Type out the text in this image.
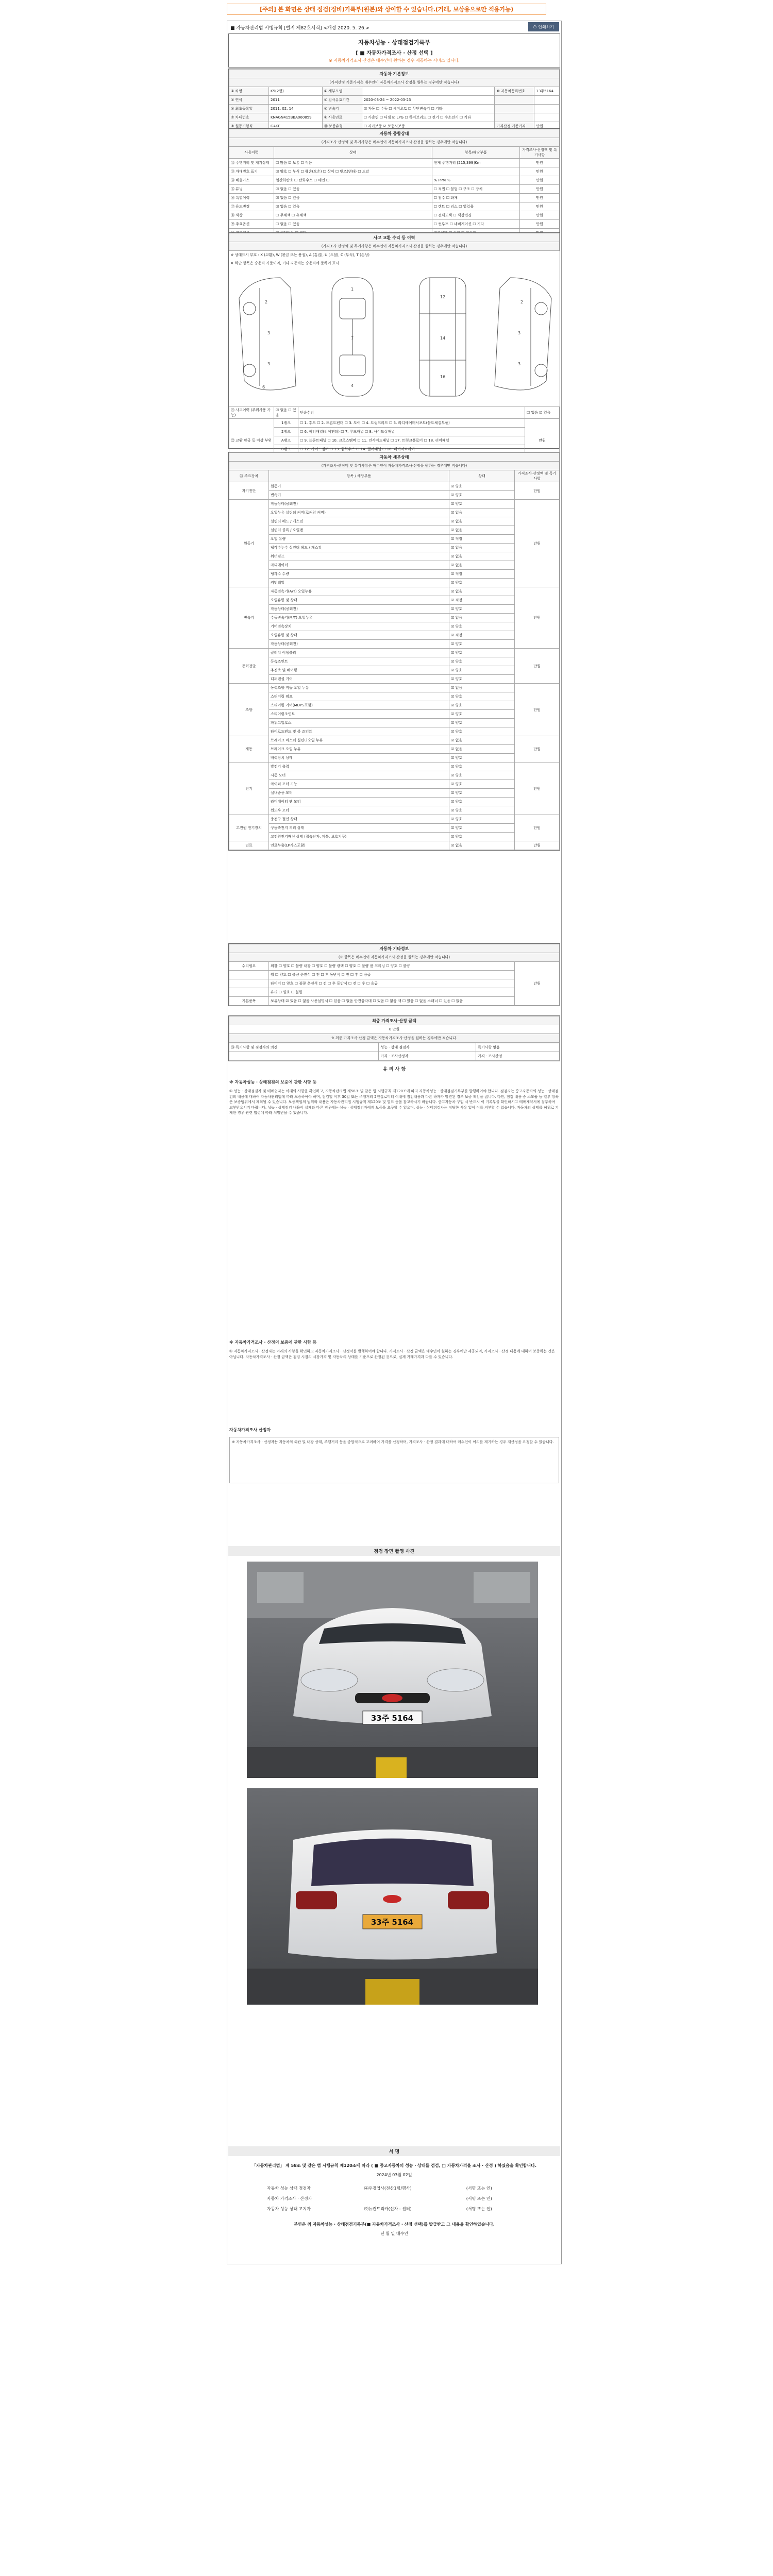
[주의] 본 화면은 상태 점검(정비)기록부(원본)와 상이할 수 있습니다.(거래, 보상용으로만 적용가능)
■ 자동차관리법 시행규칙 [별지 제82호서식] <개정 2020. 5. 26.>	⎙ 인쇄하기
자동차성능 · 상태점검기록부
[ ■ 자동차가격조사 · 산정 선택 ]
※ 자동차가격조사·산정은 매수인이 원하는 경우 제공하는 서비스 입니다.
자동차 기본정보					
(가격산정 기준가격은 매수인이 자동차가격조사 산정을 원하는 경우에만 적습니다)					
① 차명	K5(2형)	② 세부모델		⑩ 자동차등록번호	13주5164
② 연식	2011	④ 검사유효기간	2020-03-24 ~ 2022-03-23		
⑤ 최초등록일	2011. 02. 14	⑥ 변속기	☑ 자동 ☐ 수동 ☐ 세미오토 ☐ 무단변속기 ☐ 기타		
⑦ 차대번호	KNAGN415BBA060859	⑧ 사용연료	☐ 가솔린 ☐ 디젤 ☑ LPG ☐ 하이브리드 ☐ 전기 ☐ 수소전기 ☐ 기타		
⑨ 원동기형식	G4KE	⑪ 보증유형	☐ 자가보증 ☑ 보험사보증	가격산정 기준가격	만원
자동차 종합상태			
(가격조사·산정액 및 특기사항은 매수인이 자동차가격조사·산정을 원하는 경우에만 적습니다)			
사용이력	상태	항목/해당부품	가격조사·산정액 및 특기사항
⑫ 주행거리 및 계기상태	☐ 많음 ☑ 보통 ☐ 적음	현재 주행거리 [215,399]Km	만원
⑬ 차대번호 표기	☑ 양호 ☐ 부식 ☐ 훼손(오손) ☐ 상이 ☐ 변조(변타) ☐ 도말		만원
⑭ 배출가스	일산화탄소 ☐ 탄화수소 ☐ 매연 ☐	% PPM %	만원
⑮ 튜닝	☑ 없음 ☐ 있음	☐ 적법 ☐ 불법 ☐ 구조 ☐ 장치	만원
⑯ 특별이력	☑ 없음 ☐ 있음	☐ 침수 ☐ 화재	만원
⑰ 용도변경	☑ 없음 ☐ 있음	☐ 렌트 ☐ 리스 ☐ 영업용	만원
⑱ 색상	☐ 무채색 ☐ 유채색	☐ 전체도색 ☐ 색상변경	만원
⑲ 주요옵션	☐ 없음 ☐ 있음	☐ 썬루프 ☐ 네비게이션 ☐ 기타	만원

사고 교환 수리 등 이력
(가격조사·산정액 및 특기사항은 매수인이 자동차가격조사·산정을 원하는 경우에만 적습니다)
※ 상태표시 부호 : X (교환), W (판금 또는 용접), A (흠집), U (요철), C (부식), T (손상)
※ 하단 항목은 승용차 기준이며, 기타 자동차는 승용차에 준하여 표시
2
3
3
6
1
7
4
12
14
16
2
3
3
㉑ 사고이력 (주위사용 가능)	☑ 없음 ☐ 있음	단순수리	☐ 없음 ☑ 있음
㉒ 교환 판금 등 이상 부위	1랭크	☐ 1. 후드 ☐ 2. 프론트펜더 ☐ 3. 도어 ☐ 4. 트렁크리드 ☐ 5. 라디에이터서포트(볼트체결부품)	만원
	2랭크	☐ 6. 쿼터패널(리어펜더) ☐ 7. 루프패널 ☐ 8. 사이드실패널	
	A랭크	☐ 9. 프론트패널 ☐ 10. 크로스멤버 ☐ 11. 인사이드패널 ☐ 17. 트렁크플로어 ☐ 18. 리어패널	
	B랭크	☐ 12. 사이드멤버 ☐ 13. 휠하우스 ☐ 14. 필러패널 ☐ 16. 패키지트레이	

자동차 세부상태			
(가격조사·산정액 및 특기사항은 매수인이 자동차가격조사·산정을 원하는 경우에만 적습니다)			
㉓ 주요장치	항목 / 해당부품	상태	가격조사·산정액 및 특기사항
자기진단	원동기	☑ 양호	만원
	변속기	☑ 양호	
원동기	작동상태(공회전)	☑ 양호	만원
	오일누유 실린더 커버(로커암 커버)	☑ 없음	
	실린더 헤드 / 개스킷	☑ 없음	
	실린더 블록 / 오일팬	☑ 없음	
	오일 유량	☑ 적정	
	냉각수누수 실린더 헤드 / 개스킷	☑ 없음	
	워터펌프	☑ 없음	
	라디에이터	☑ 없음	
	냉각수 수량	☑ 적정	
	커먼레일	☑ 양호	
변속기	자동변속기(A/T) 오일누유	☑ 없음	만원
	오일유량 및 상태	☑ 적정	
	작동상태(공회전)	☑ 양호	
	수동변속기(M/T) 오일누유	☑ 없음	
	기어변속장치	☑ 양호	
	오일유량 및 상태	☑ 적정	
	작동상태(공회전)	☑ 양호	
동력전달	클러치 어셈블리	☑ 양호	만원
	등속조인트	☑ 양호	
	추진축 및 베어링	☑ 양호	
	디퍼렌셜 기어	☑ 양호	
조향	동력조향 작동 오일 누유	☑ 없음	만원
	스티어링 펌프	☑ 양호	
	스티어링 기어(MDPS포함)	☑ 양호	
	스티어링조인트	☑ 양호	
	파워고압호스	☑ 양호	
	타이로드엔드 및 볼 조인트	☑ 양호	
제동	브레이크 마스터 실린더오일 누유	☑ 없음	만원
	브레이크 오일 누유	☑ 없음	
	배력장치 상태	☑ 양호	
전기	발전기 출력	☑ 양호	만원
	시동 모터	☑ 양호	
	와이퍼 모터 기능	☑ 양호	
	실내송풍 모터	☑ 양호	
	라디에이터 팬 모터	☑ 양호	
	윈도우 모터	☑ 양호	
고전원 전기장치	충전구 절연 상태	☑ 양호	만원
	구동축전지 격리 상태	☑ 양호	
	고전원전기배선 상태 (접속단자, 피복, 보호기구)	☑ 양호	
연료	연료누출(LP가스포함)	☑ 없음	만원
자동차 기타정보		
(※ 항목은 매수인이 자동차가격조사·산정을 원하는 경우에만 적습니다)		
수리필요	외장 ☐ 양호 ☐ 불량 내장 ☐ 양호 ☐ 불량 광택 ☐ 양호 ☐ 불량 룸 크리닝 ☐ 양호 ☐ 불량	만원
	휠 ☐ 양호 ☐ 불량 운전석 ☐ 전 ☐ 후 동반석 ☐ 전 ☐ 후 ☐ 응급	
	타이어 ☐ 양호 ☐ 불량 운전석 ☐ 전 ☐ 후 동반석 ☐ 전 ☐ 후 ☐ 응급	
	유리 ☐ 양호 ☐ 불량	
기본품목	보유상태 ☑ 있음 ☐ 없음 사용설명서 ☐ 있음 ☐ 없음 안전삼각대 ☐ 있음 ☐ 없음 잭 ☐ 있음 ☐ 없음 스패너 ☐ 있음 ☐ 없음	
최종 가격조사·산정 금액
0 만원
※ 최종 가격조사·산정 금액은 자동차가격조사·산정을 원하는 경우에만 적습니다.
㉔ 특기사항 및 점검자의 의견	성능 · 상태 점검자	특기사항 없음
	가격 · 조사산정자	가격 · 조사산정
유 의 사 항
※ 자동차성능 · 상태점검의 보증에 관한 사항 등
① 성능 · 상태점검자 및 매매업자는 아래의 사항을 확인하고, 자동차관리법 제58조 및 같은 법 시행규칙 제120조에 따라 자동차성능 · 상태점검기록부를 발행하여야 합니다. 점검자는 중고자동차의 성능 · 상태점검의 내용에 대하여 자동차관리법에 따라 보증하여야 하며, 점검일 이후 30일 또는 주행거리 2천킬로미터 이내에 점검내용과 다른 하자가 발견된 경우 보증 책임을 집니다. 다만, 점검 내용 중 소모품 등 일부 항목은 보증범위에서 제외될 수 있습니다. 보증책임의 범위와 내용은 자동차관리법 시행규칙 제120조 및 별표 등을 참고하시기 바랍니다. 중고자동차 구입 시 반드시 이 기록부를 확인하시고 매매계약서에 첨부하여 교부받으시기 바랍니다. 성능 · 상태점검 내용이 실제와 다른 경우에는 성능 · 상태점검자에게 보증을 요구할 수 있으며, 성능 · 상태점검자는 정당한 사유 없이 이를 거부할 수 없습니다. 자동차의 상태를 허위로 기재한 경우 관련 법령에 따라 처벌받을 수 있습니다.
※ 자동차가격조사 · 산정의 보증에 관한 사항 등
① 자동차가격조사 · 산정자는 아래의 사항을 확인하고 자동차가격조사 · 산정서를 발행하여야 합니다. 가격조사 · 산정 금액은 매수인이 원하는 경우에만 제공되며, 가격조사 · 산정 내용에 대하여 보증하는 것은 아닙니다. 자동차가격조사 · 산정 금액은 점검 시점의 시장가격 및 자동차의 상태를 기준으로 산정된 것으로, 실제 거래가격과 다를 수 있습니다.
자동차가격조사 산정자
※ 자동차가격조사 · 산정자는 자동차의 외관 및 내장 상태, 주행거리 등을 종합적으로 고려하여 가격을 산정하며, 가격조사 · 산정 결과에 대하여 매수인이 이의를 제기하는 경우 재산정을 요청할 수 있습니다.
점검 장면 촬영 사진
33주 5164
33주 5164
서 명
「자동차관리법」 제 58조 및 같은 법 시행규칙 제120조에 따라 ( ■ 중고자동차의 성능 · 상태를 점검, □ 자동차가격을 조사 · 산정 ) 하였음을 확인합니다.
2024년 03월 02일
자동차 성능 상태 점검자	㈜우경업사(전산1팀/행사)	(서명 또는 인)
자동차 가격조사 · 산정자		(서명 또는 인)
자동차 성능 상태 고지자	㈜뉴컨트리카(신차 - 센터)	(서명 또는 인)
본인은 위 자동차성능 · 상태점검기록부(■ 자동차가격조사 · 산정 선택)를 발급받고 그 내용을 확인하였습니다.
년 월 일 매수인
